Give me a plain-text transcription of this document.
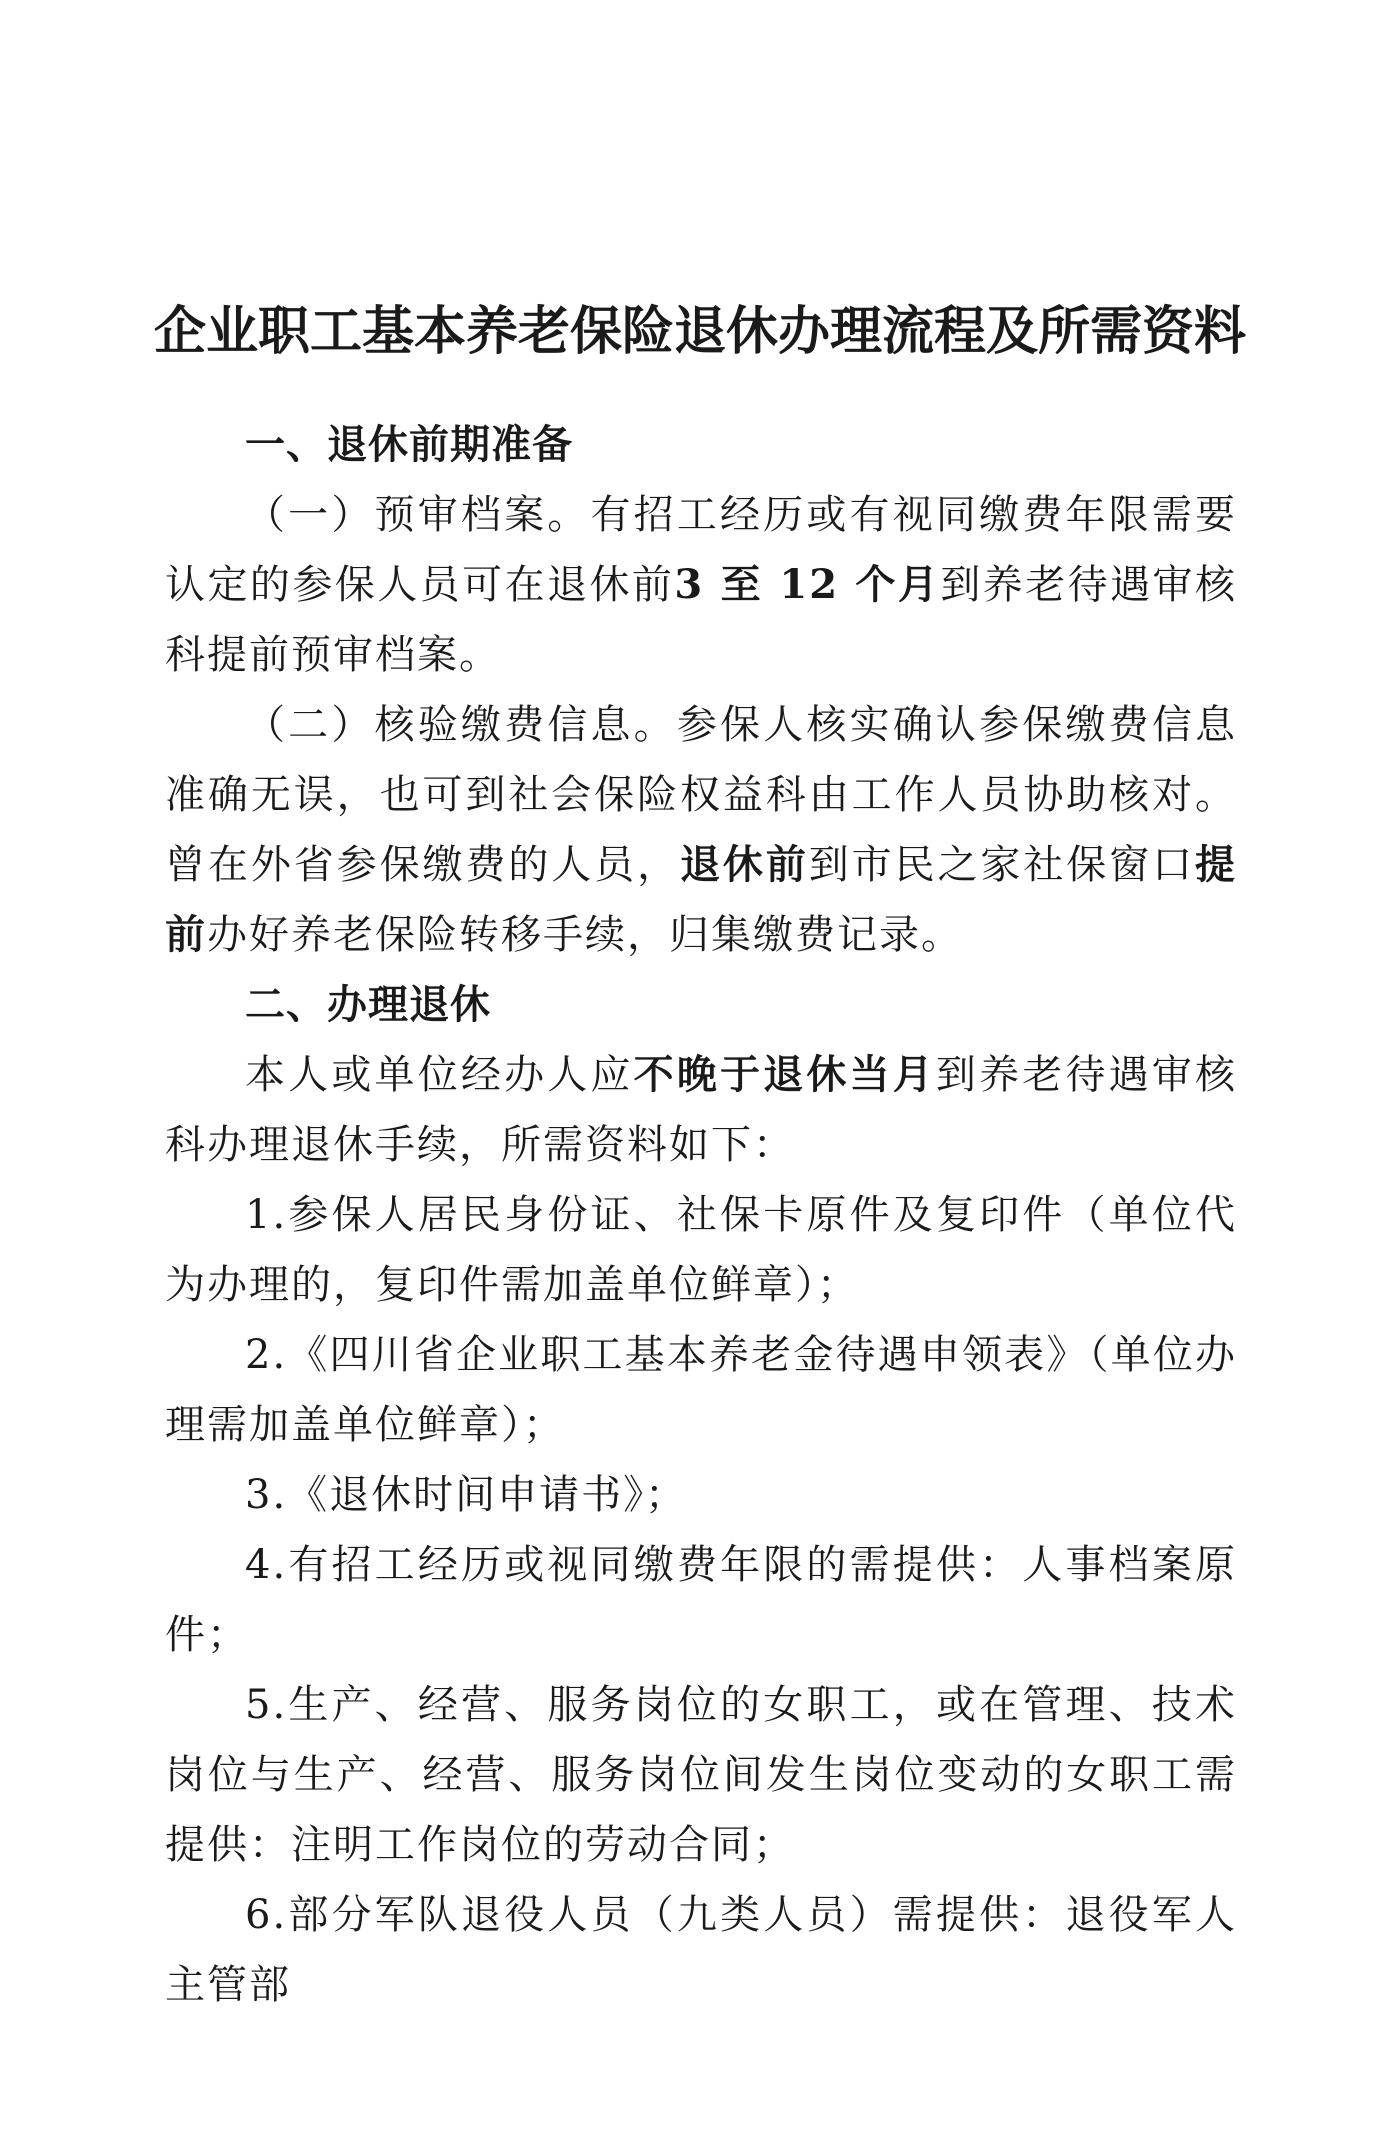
企业职工基本养老保险退休办理流程及所需资料

一、退休前期准备

（一）预审档案。有招工经历或有视同缴费年限需要认定的参保人员可在退休前3 至 12 个月到养老待遇审核科提前预审档案。

（二）核验缴费信息。参保人核实确认参保缴费信息准确无误，也可到社会保险权益科由工作人员协助核对。曾在外省参保缴费的人员，退休前到市民之家社保窗口提前办好养老保险转移手续，归集缴费记录。

二、办理退休

本人或单位经办人应不晚于退休当月到养老待遇审核科办理退休手续，所需资料如下：

1.参保人居民身份证、社保卡原件及复印件（单位代为办理的，复印件需加盖单位鲜章）；

2.《四川省企业职工基本养老金待遇申领表》（单位办理需加盖单位鲜章）；

3.《退休时间申请书》；

4.有招工经历或视同缴费年限的需提供：人事档案原件；

5.生产、经营、服务岗位的女职工，或在管理、技术岗位与生产、经营、服务岗位间发生岗位变动的女职工需提供：注明工作岗位的劳动合同；

6.部分军队退役人员（九类人员）需提供：退役军人主管部
